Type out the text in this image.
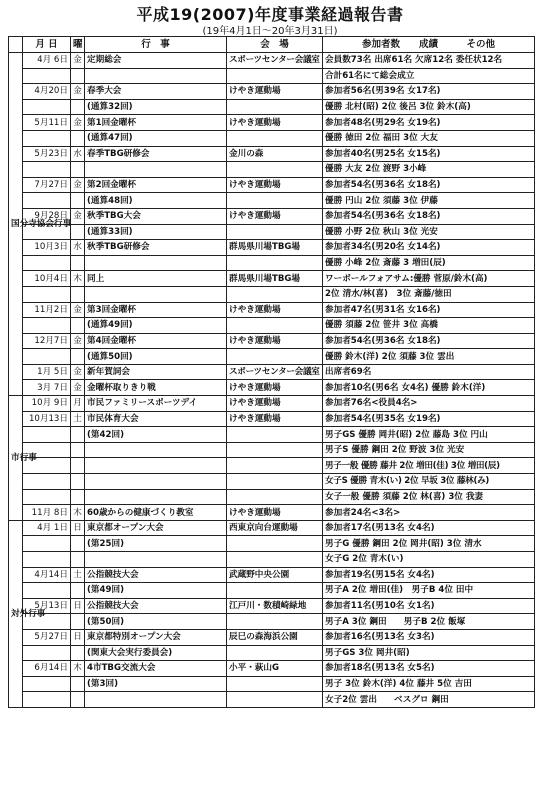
平成19(2007)年度事業経過報告書
(19年4月1日～20年3月31日)
	月 日	曜	行　事	会　場	参加者数　　成績　　　その他
国分寺協会行事	4月 6日	金	定期総会	スポーツセンター会議室	会員数73名 出席61名 欠席12名 委任状12名
					合計61名にて総会成立
	4月20日	金	春季大会	けやき運動場	参加者56名(男39名 女17名)
			(通算32回)		優勝 北村(昭) 2位 後呂 3位 鈴木(高)
	5月11日	金	第1回金曜杯	けやき運動場	参加者48名(男29名 女19名)
			(通算47回)		優勝 徳田 2位 福田 3位 大友
	5月23日	水	春季TBG研修会	金川の森	参加者40名(男25名 女15名)
					優勝 大友 2位 渡野 3小峰
	7月27日	金	第2回金曜杯	けやき運動場	参加者54名(男36名 女18名)
			(通算48回)		優勝 円山 2位 須藤 3位 伊藤
	9月28日	金	秋季TBG大会	けやき運動場	参加者54名(男36名 女18名)
			(通算33回)		優勝 小野 2位 秋山 3位 光安
	10月3日	水	秋季TBG研修会	群馬県川場TBG場	参加者34名(男20名 女14名)
					優勝 小峰 2位 斎藤 3 増田(辰)
	10月4日	木	同上	群馬県川場TBG場	ワーボールフォアサム:優勝 菅原/鈴木(高)
					2位 清水/林(喜)　3位 斎藤/徳田
	11月2日	金	第3回金曜杯	けやき運動場	参加者47名(男31名 女16名)
			(通算49回)		優勝 須藤 2位 笹井 3位 高橋
	12月7日	金	第4回金曜杯	けやき運動場	参加者54名(男36名 女18名)
			(通算50回)		優勝 鈴木(洋) 2位 須藤 3位 雲出
	1月 5日	金	新年賀詞会	スポーツセンター会議室	出席者69名
	3月 7日	金	金曜杯取りきり戦	けやき運動場	参加者10名(男6名 女4名) 優勝 鈴木(洋)
市行事	10月 9日	月	市民ファミリースポーツデイ	けやき運動場	参加者76名<役員4名>
	10月13日	土	市民体育大会	けやき運動場	参加者54名(男35名 女19名)
			(第42回)		男子GS 優勝 岡井(昭) 2位 藤島 3位 円山
					男子S 優勝 鋼田 2位 野波 3位 光安
					男子一般 優勝 藤井 2位 増田(佳) 3位 増田(辰)
					女子S 優勝 青木(い) 2位 早坂 3位 藤林(み)
					女子一般 優勝 須藤 2位 林(喜) 3位 我妻
	11月 8日	木	60歳からの健康づくり教室	けやき運動場	参加者24名<3名>
対外行事	4月 1日	日	東京都オープン大会	西東京向台運動場	参加者17名(男13名 女4名)
			(第25回)		男子G 優勝 鋼田 2位 岡井(昭) 3位 清水
					女子G 2位 青木(い)
	4月14日	土	公指競技大会	武蔵野中央公園	参加者19名(男15名 女4名)
			(第49回)		男子A 2位 増田(佳)　男子B 4位 田中
	5月13日	日	公指競技大会	江戸川・数積崎緑地	参加者11名(男10名 女1名)
			(第50回)		男子A 3位 鋼田　　男子B 2位 飯塚
	5月27日	日	東京都特別オープン大会	辰巳の森海浜公園	参加者16名(男13名 女3名)
			(関東大会実行委員会)		男子GS 3位 岡井(昭)
	6月14日	木	4市TBG交流大会	小平・萩山G	参加者18名(男13名 女5名)
			(第3回)		男子 3位 鈴木(洋) 4位 藤井 5位 吉田
					女子2位 雲出　　ベスグロ 鋼田
